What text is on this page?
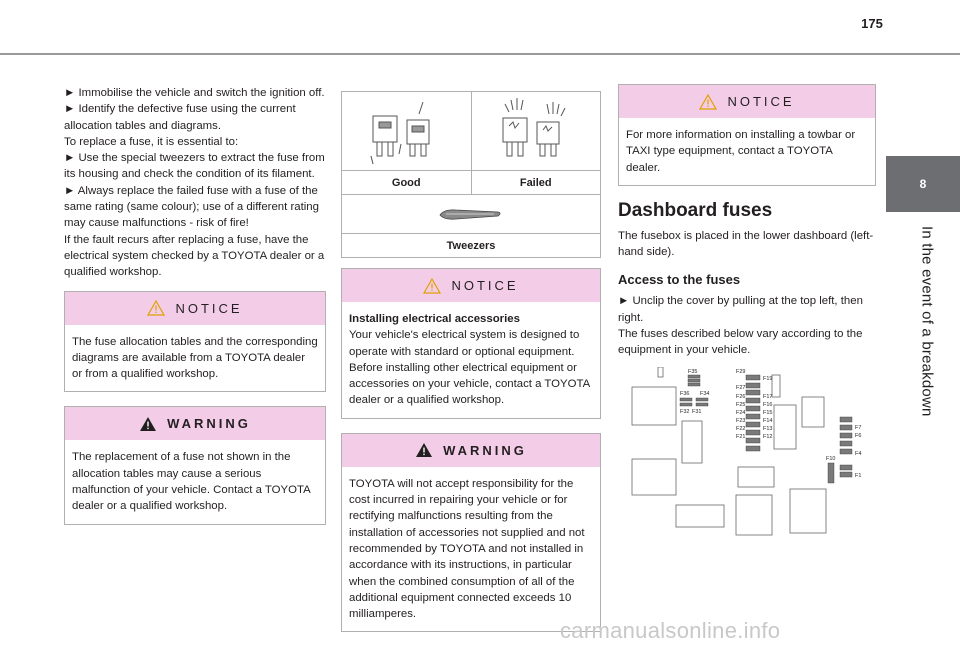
175
8
In the event of a breakdown

► Immobilise the vehicle and switch the ignition off.

► Identify the defective fuse using the current allocation tables and diagrams.

To replace a fuse, it is essential to:

► Use the special tweezers to extract the fuse from its housing and check the condition of its filament.

► Always replace the failed fuse with a fuse of the same rating (same colour); use of a different rating may cause malfunctions - risk of fire!

If the fault recurs after replacing a fuse, have the electrical system checked by a TOYOTA dealer or a qualified workshop.

NOTICE
The fuse allocation tables and the corresponding diagrams are available from a TOYOTA dealer or from a qualified workshop.
WARNING
The replacement of a fuse not shown in the allocation tables may cause a serious malfunction of your vehicle. Contact a TOYOTA dealer or a qualified workshop.
Good	Failed
Tweezers
NOTICE
Installing electrical accessories
Your vehicle's electrical system is designed to operate with standard or optional equipment. Before installing other electrical equipment or accessories on your vehicle, contact a TOYOTA dealer or a qualified workshop.
WARNING
TOYOTA will not accept responsibility for the cost incurred in repairing your vehicle or for rectifying malfunctions resulting from the installation of accessories not supplied and not recommended by TOYOTA and not installed in accordance with its instructions, in particular when the combined consumption of all of the additional equipment connected exceeds 10 milliamperes.
NOTICE
For more information on installing a towbar or TAXI type equipment, contact a TOYOTA dealer.
Dashboard fuses
The fusebox is placed in the lower dashboard (left-hand side).
Access to the fuses

► Unclip the cover by pulling at the top left, then right.

The fuses described below vary according to the equipment in your vehicle.

F35	F29
F19
F27
F36 F34	F26	F17
F25	F16
F32 F31	F24	F15
F23	F14
F22	F13
F21	F12
F7
F6
F4
F10
F1
carmanualsonline.info
